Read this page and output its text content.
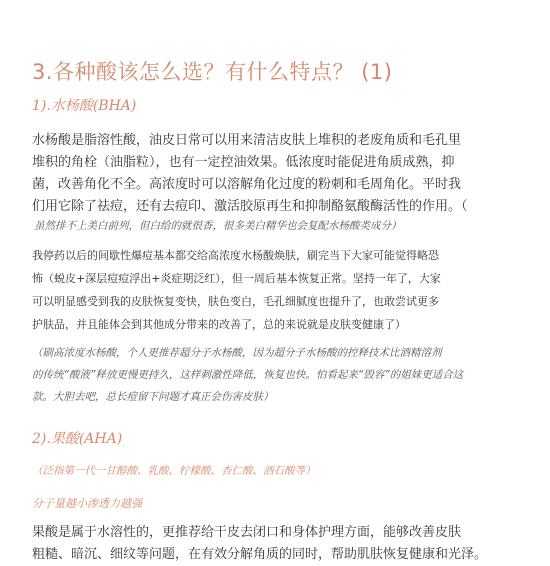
3.各种酸该怎么选？有什么特点？ (1)
1).水杨酸(BHA)
水杨酸是脂溶性酸，油皮日常可以用来清洁皮肤上堆积的老废角质和毛孔里
堆积的角栓（油脂粒），也有一定控油效果。低浓度时能促进角质成熟，抑
菌，改善角化不全。高浓度时可以溶解角化过度的粉刺和毛周角化。平时我
们用它除了祛痘，还有去痘印、激活胶原再生和抑制酪氨酸酶活性的作用。（
虽然排不上美白前列，但白给的就很香，很多美白精华也会复配水杨酸类成分）
我停药以后的间歇性爆痘基本都交给高浓度水杨酸焕肤，刷完当下大家可能觉得略恐
怖（蜕皮+深层痘痘浮出+炎症期泛红），但一周后基本恢复正常。坚持一年了，大家
可以明显感受到我的皮肤恢复变快，肤色变白，毛孔细腻度也提升了，也敢尝试更多
护肤品，并且能体会到其他成分带来的改善了，总的来说就是皮肤变健康了）
（刷高浓度水杨酸，个人更推荐超分子水杨酸，因为超分子水杨酸的控释技术比酒精溶剂
的传统“酸液”释放更慢更持久，这样刺激性降低，恢复也快。怕看起来“毁容”的姐妹更适合这
款。大胆去吧，总长痘留下问题才真正会伤害皮肤）
2).果酸(AHA)
（泛指第一代一甘醇酸、乳酸、柠檬酸、杏仁酸、酒石酸等）
分子量越小渗透力越强
果酸是属于水溶性的，更推荐给干皮去闭口和身体护理方面，能够改善皮肤
粗糙、暗沉、细纹等问题，在有效分解角质的同时，帮助肌肤恢复健康和光泽。
